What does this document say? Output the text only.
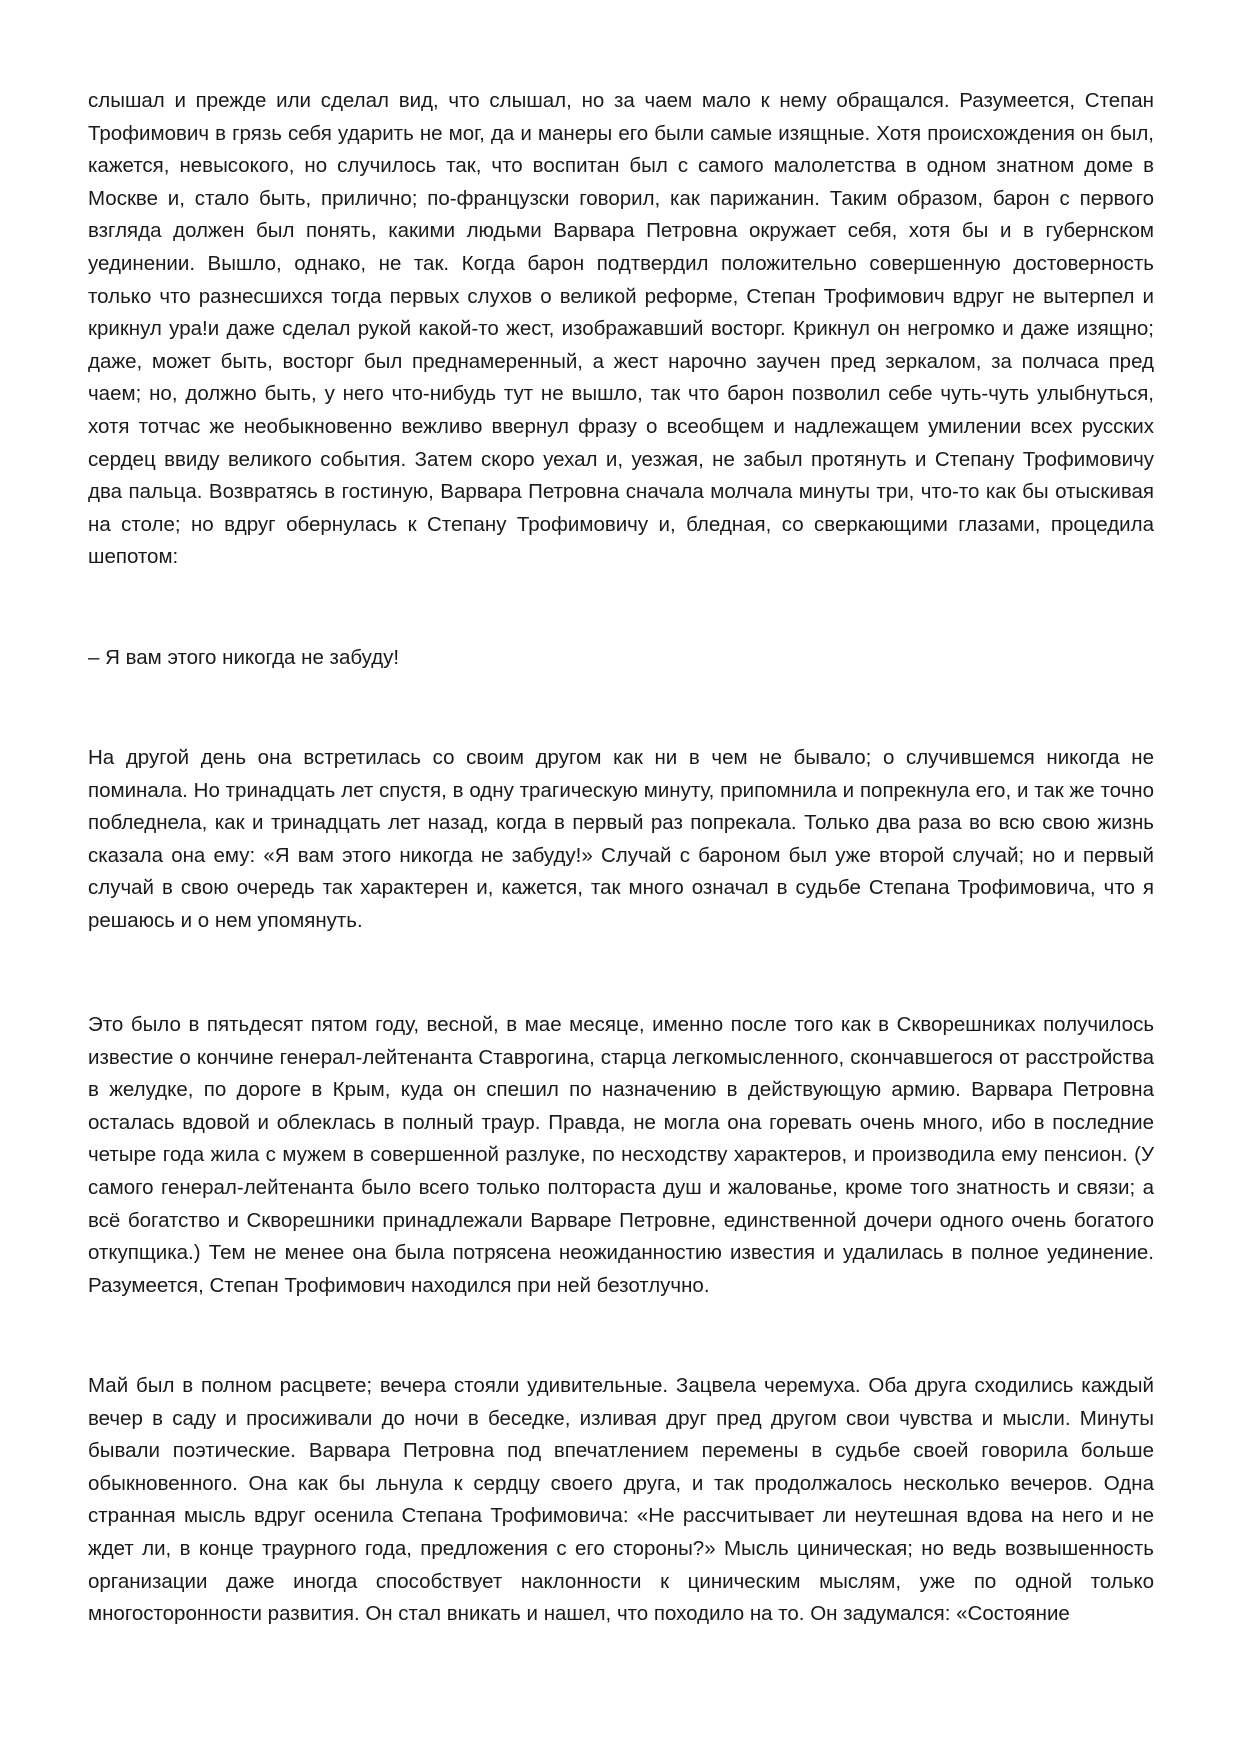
слышал и прежде или сделал вид, что слышал, но за чаем мало к нему обращался. Разумеется, Степан Трофимович в грязь себя ударить не мог, да и манеры его были самые изящные. Хотя происхождения он был, кажется, невысокого, но случилось так, что воспитан был с самого малолетства в одном знатном доме в Москве и, стало быть, прилично; по-французски говорил, как парижанин. Таким образом, барон с первого взгляда должен был понять, какими людьми Варвара Петровна окружает себя, хотя бы и в губернском уединении. Вышло, однако, не так. Когда барон подтвердил положительно совершенную достоверность только что разнесшихся тогда первых слухов о великой реформе, Степан Трофимович вдруг не вытерпел и крикнул ура!и даже сделал рукой какой-то жест, изображавший восторг. Крикнул он негромко и даже изящно; даже, может быть, восторг был преднамеренный, а жест нарочно заучен пред зеркалом, за полчаса пред чаем; но, должно быть, у него что-нибудь тут не вышло, так что барон позволил себе чуть-чуть улыбнуться, хотя тотчас же необыкновенно вежливо ввернул фразу о всеобщем и надлежащем умилении всех русских сердец ввиду великого события. Затем скоро уехал и, уезжая, не забыл протянуть и Степану Трофимовичу два пальца. Возвратясь в гостиную, Варвара Петровна сначала молчала минуты три, что-то как бы отыскивая на столе; но вдруг обернулась к Степану Трофимовичу и, бледная, со сверкающими глазами, процедила шепотом:

– Я вам этого никогда не забуду!

На другой день она встретилась со своим другом как ни в чем не бывало; о случившемся никогда не поминала. Но тринадцать лет спустя, в одну трагическую минуту, припомнила и попрекнула его, и так же точно побледнела, как и тринадцать лет назад, когда в первый раз попрекала. Только два раза во всю свою жизнь сказала она ему: «Я вам этого никогда не забуду!» Случай с бароном был уже второй случай; но и первый случай в свою очередь так характерен и, кажется, так много означал в судьбе Степана Трофимовича, что я решаюсь и о нем упомянуть.

Это было в пятьдесят пятом году, весной, в мае месяце, именно после того как в Скворешниках получилось известие о кончине генерал-лейтенанта Ставрогина, старца легкомысленного, скончавшегося от расстройства в желудке, по дороге в Крым, куда он спешил по назначению в действующую армию. Варвара Петровна осталась вдовой и облеклась в полный траур. Правда, не могла она горевать очень много, ибо в последние четыре года жила с мужем в совершенной разлуке, по несходству характеров, и производила ему пенсион. (У самого генерал-лейтенанта было всего только полтораста душ и жалованье, кроме того знатность и связи; а всё богатство и Скворешники принадлежали Варваре Петровне, единственной дочери одного очень богатого откупщика.) Тем не менее она была потрясена неожиданностию известия и удалилась в полное уединение. Разумеется, Степан Трофимович находился при ней безотлучно.

Май был в полном расцвете; вечера стояли удивительные. Зацвела черемуха. Оба друга сходились каждый вечер в саду и просиживали до ночи в беседке, изливая друг пред другом свои чувства и мысли. Минуты бывали поэтические. Варвара Петровна под впечатлением перемены в судьбе своей говорила больше обыкновенного. Она как бы льнула к сердцу своего друга, и так продолжалось несколько вечеров. Одна странная мысль вдруг осенила Степана Трофимовича: «Не рассчитывает ли неутешная вдова на него и не ждет ли, в конце траурного года, предложения с его стороны?» Мысль циническая; но ведь возвышенность организации даже иногда способствует наклонности к циническим мыслям, уже по одной только многосторонности развития. Он стал вникать и нашел, что походило на то. Он задумался: «Состояние
